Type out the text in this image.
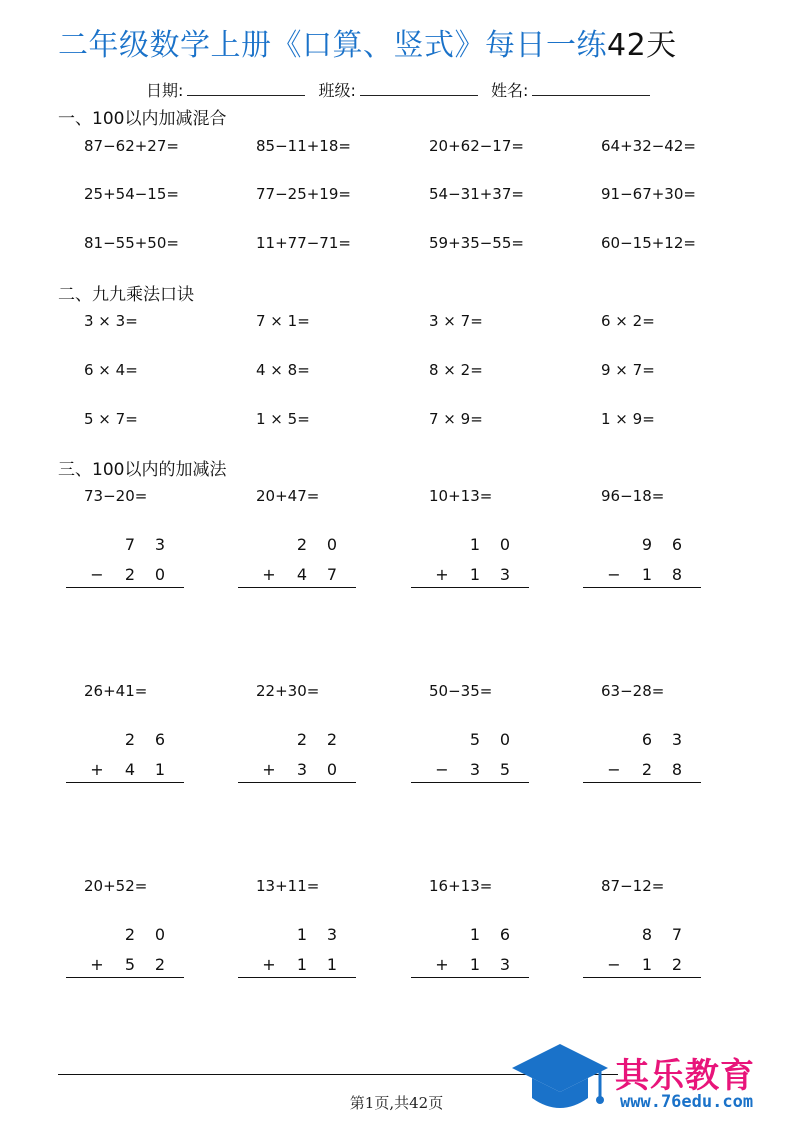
二年级数学上册《口算、竖式》每日一练42天
日期:	班级:	姓名:
一、100以内加减混合
二、九九乘法口诀
三、100以内的加减法
87−62+27=	85−11+18=	20+62−17=	64+32−42=
25+54−15=	77−25+19=	54−31+37=	91−67+30=
81−55+50=	11+77−71=	59+35−55=	60−15+12=
3 × 3=	7 × 1=	3 × 7=	6 × 2=
6 × 4=	4 × 8=	8 × 2=	9 × 7=
5 × 7=	1 × 5=	7 × 9=	1 × 9=
73−20=
7	3
−	2	0
20+47=
2	0
+	4	7
10+13=
1	0
+	1	3
96−18=
9	6
−	1	8
26+41=
2	6
+	4	1
22+30=
2	2
+	3	0
50−35=
5	0
−	3	5
63−28=
6	3
−	2	8
20+52=
2	0
+	5	2
13+11=
1	3
+	1	1
16+13=
1	6
+	1	3
87−12=
8	7
−	1	2
第1页,共42页
其乐教育
www.76edu.com
